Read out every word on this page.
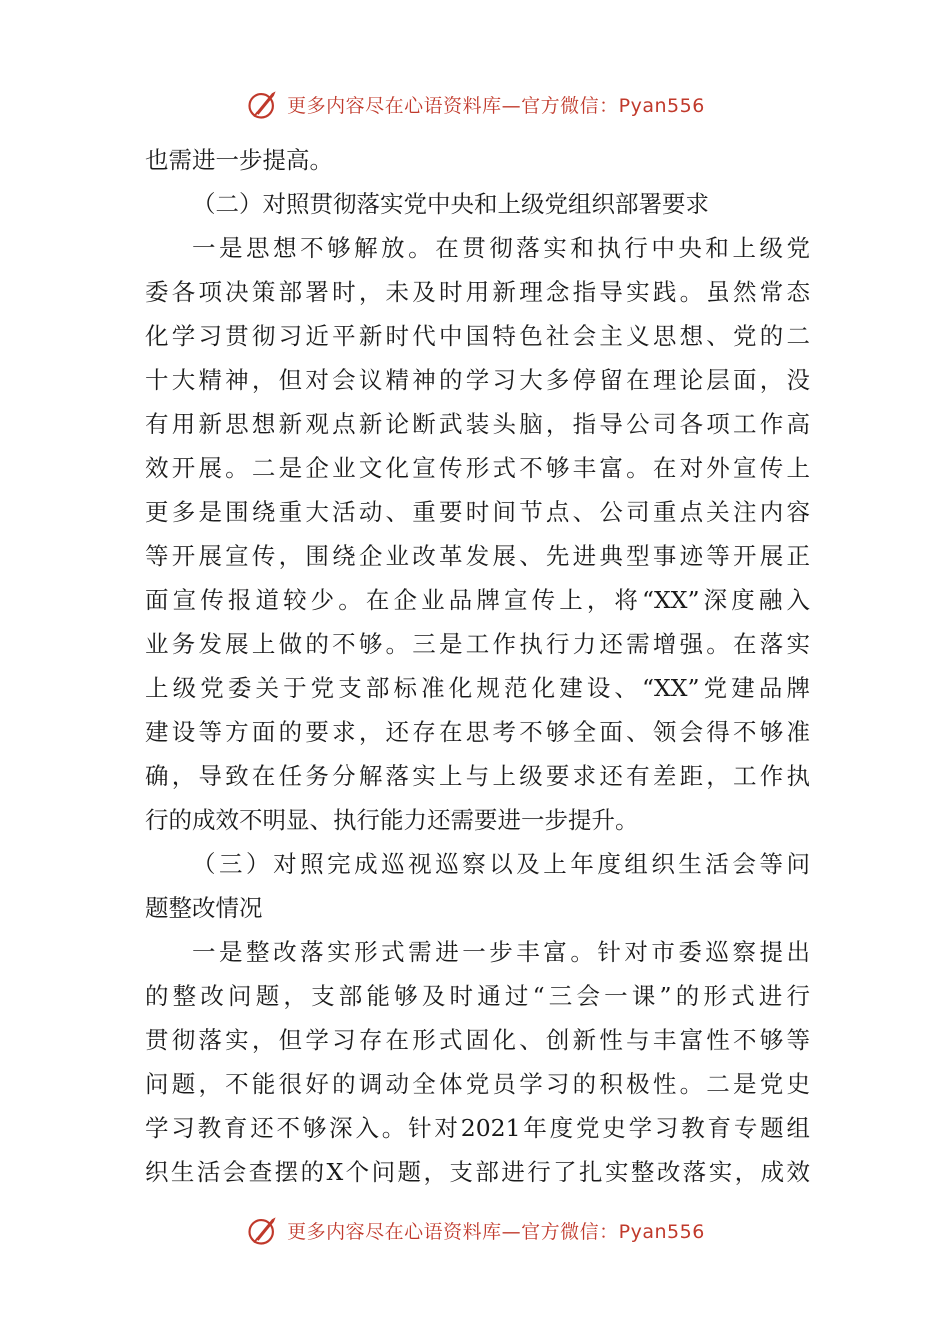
更多内容尽在心语资料库—官方微信：Pyan556
也需进一步提高。
（二）对照贯彻落实党中央和上级党组织部署要求
一是思想不够解放。在贯彻落实和执行中央和上级党
委各项决策部署时，未及时用新理念指导实践。虽然常态
化学习贯彻习近平新时代中国特色社会主义思想、党的二
十大精神，但对会议精神的学习大多停留在理论层面，没
有用新思想新观点新论断武装头脑，指导公司各项工作高
效开展。二是企业文化宣传形式不够丰富。在对外宣传上
更多是围绕重大活动、重要时间节点、公司重点关注内容
等开展宣传，围绕企业改革发展、先进典型事迹等开展正
面宣传报道较少。在企业品牌宣传上，将“XX”深度融入
业务发展上做的不够。三是工作执行力还需增强。在落实
上级党委关于党支部标准化规范化建设、“XX”党建品牌
建设等方面的要求，还存在思考不够全面、领会得不够准
确，导致在任务分解落实上与上级要求还有差距，工作执
行的成效不明显、执行能力还需要进一步提升。
（三）对照完成巡视巡察以及上年度组织生活会等问
题整改情况
一是整改落实形式需进一步丰富。针对市委巡察提出
的整改问题，支部能够及时通过“三会一课”的形式进行
贯彻落实，但学习存在形式固化、创新性与丰富性不够等
问题，不能很好的调动全体党员学习的积极性。二是党史
学习教育还不够深入。针对2021年度党史学习教育专题组
织生活会查摆的X个问题，支部进行了扎实整改落实，成效
更多内容尽在心语资料库—官方微信：Pyan556
